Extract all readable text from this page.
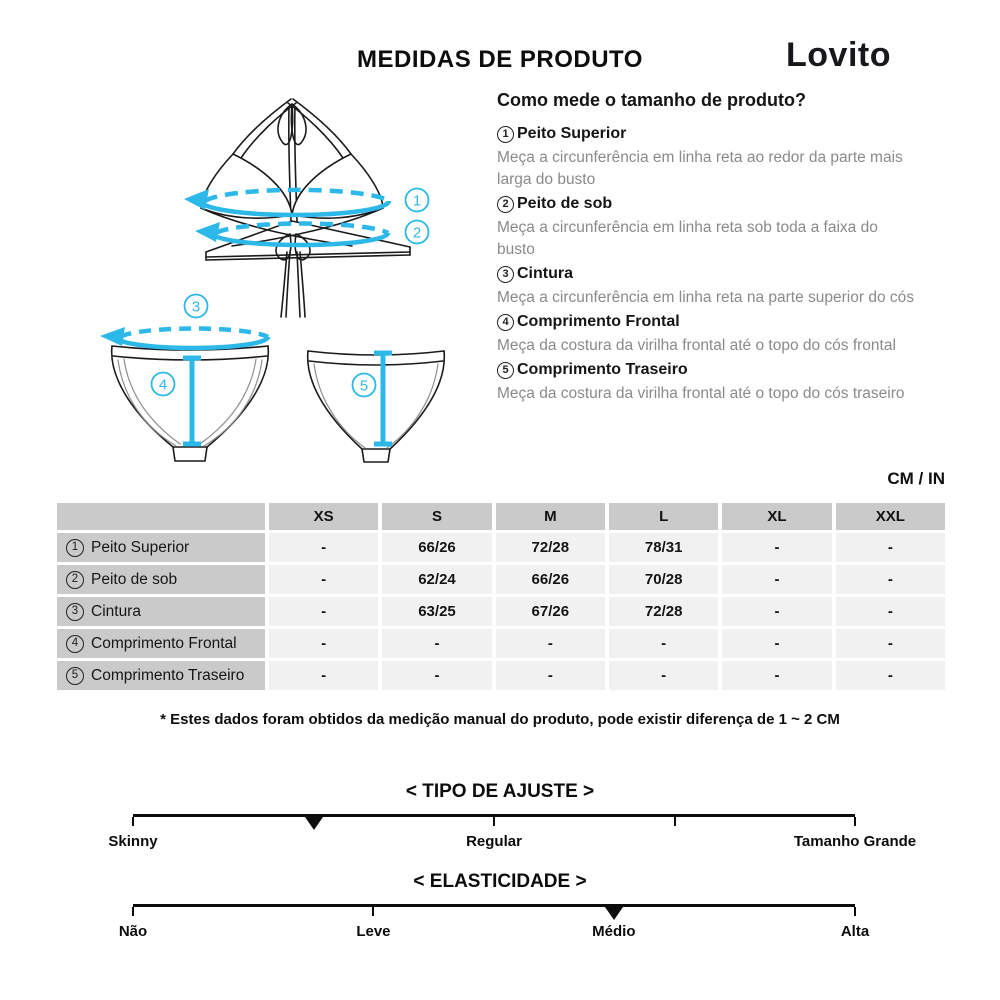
MEDIDAS DE PRODUTO	Lovito
1
2
3
4	5
Como mede o tamanho de produto?
1 Peito Superior
Meça a circunferência em linha reta ao redor da parte mais larga do busto
2 Peito de sob
Meça a circunferência em linha reta sob toda a faixa do busto
3 Cintura
Meça a circunferência em linha reta na parte superior do cós
4 Comprimento Frontal
Meça da costura da virilha frontal até o topo do cós frontal
5 Comprimento Traseiro
Meça da costura da virilha frontal até o topo do cós traseiro
CM / IN
XS	S	M	L	XL	XXL
1 Peito Superior	-	66/26	72/28	78/31	-	-
2 Peito de sob	-	62/24	66/26	70/28	-	-
3 Cintura	-	63/25	67/26	72/28	-	-
4 Comprimento Frontal	-	-	-	-	-	-
5 Comprimento Traseiro	-	-	-	-	-	-
* Estes dados foram obtidos da medição manual do produto, pode existir diferença de 1 ~ 2 CM
< TIPO DE AJUSTE >
Skinny	Regular	Tamanho Grande
< ELASTICIDADE >
Não	Leve	Médio	Alta
